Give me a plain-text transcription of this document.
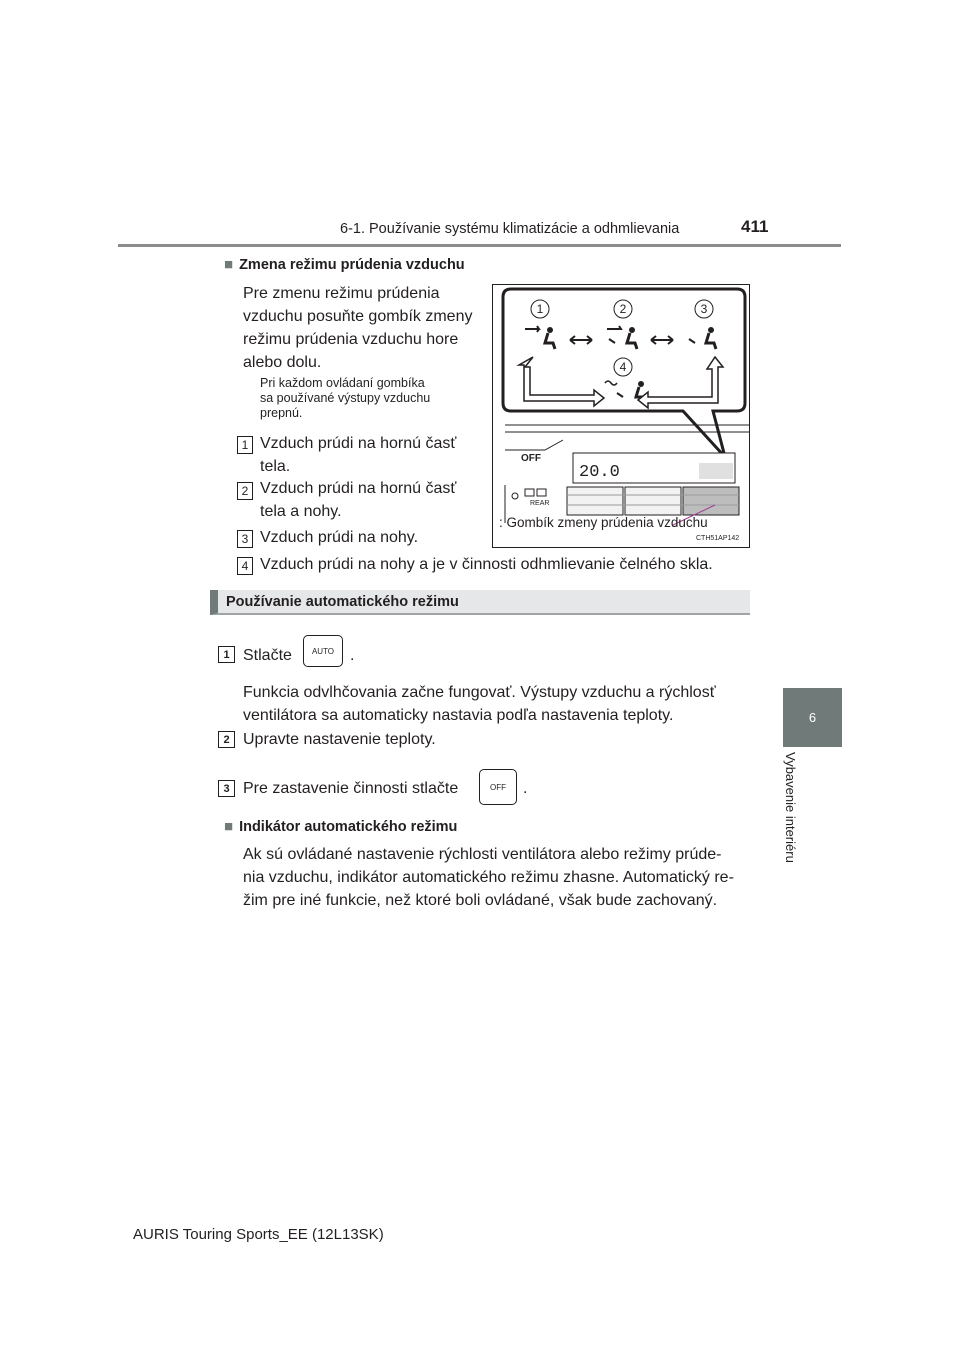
6-1. Používanie systému klimatizácie a odhmlievania	411
6
Vybavenie interiéru
■ Zmena režimu prúdenia vzduchu
Pre zmenu režimu prúdenia
vzduchu posuňte gombík zmeny
režimu prúdenia vzduchu hore
alebo dolu.
Pri každom ovládaní gombíka
sa používané výstupy vzduchu
prepnú.
1 Vzduch prúdi na hornú časť
tela.
2 Vzduch prúdi na hornú časť
tela a nohy.
3 Vzduch prúdi na nohy.
4 Vzduch prúdi na nohy a je v činnosti odhmlievanie čelného skla.
1	2	3
4
OFF
20.0
REAR
: Gombík zmeny prúdenia vzduchu
CTH51AP142
Používanie automatického režimu
1 Stlačte	AUTO .
Funkcia odvlhčovania začne fungovať. Výstupy vzduchu a rýchlosť
ventilátora sa automaticky nastavia podľa nastavenia teploty.
2 Upravte nastavenie teploty.
3 Pre zastavenie činnosti stlačte	OFF .
■ Indikátor automatického režimu
Ak sú ovládané nastavenie rýchlosti ventilátora alebo režimy prúde-
nia vzduchu, indikátor automatického režimu zhasne. Automatický re-
žim pre iné funkcie, než ktoré boli ovládané, však bude zachovaný.
AURIS Touring Sports_EE (12L13SK)
